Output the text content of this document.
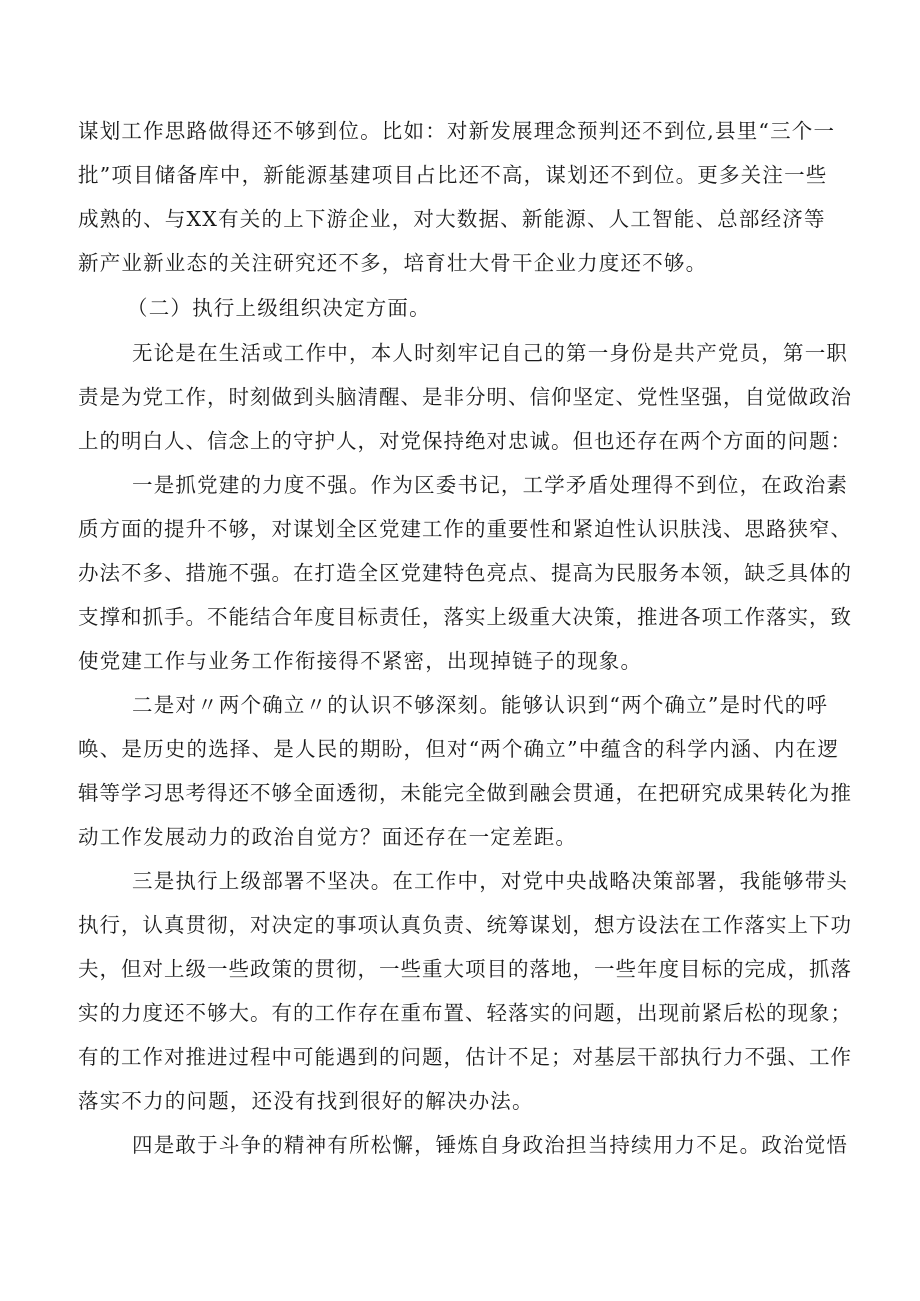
谋划工作思路做得还不够到位。比如：对新发展理念预判还不到位,县里“三个一
批”项目储备库中，新能源基建项目占比还不高，谋划还不到位。更多关注一些
成熟的、与XX有关的上下游企业，对大数据、新能源、人工智能、总部经济等
新产业新业态的关注研究还不多，培育壮大骨干企业力度还不够。
（二）执行上级组织决定方面。
无论是在生活或工作中，本人时刻牢记自己的第一身份是共产党员，第一职
责是为党工作，时刻做到头脑清醒、是非分明、信仰坚定、党性坚强，自觉做政治
上的明白人、信念上的守护人，对党保持绝对忠诚。但也还存在两个方面的问题：
一是抓党建的力度不强。作为区委书记，工学矛盾处理得不到位，在政治素
质方面的提升不够，对谋划全区党建工作的重要性和紧迫性认识肤浅、思路狭窄、
办法不多、措施不强。在打造全区党建特色亮点、提高为民服务本领，缺乏具体的
支撑和抓手。不能结合年度目标责任，落实上级重大决策，推进各项工作落实，致
使党建工作与业务工作衔接得不紧密，出现掉链子的现象。
二是对〃两个确立〃的认识不够深刻。能够认识到“两个确立”是时代的呼
唤、是历史的选择、是人民的期盼，但对“两个确立”中蕴含的科学内涵、内在逻
辑等学习思考得还不够全面透彻，未能完全做到融会贯通，在把研究成果转化为推
动工作发展动力的政治自觉方？面还存在一定差距。
三是执行上级部署不坚决。在工作中，对党中央战略决策部署，我能够带头
执行，认真贯彻，对决定的事项认真负责、统筹谋划，想方设法在工作落实上下功
夫，但对上级一些政策的贯彻，一些重大项目的落地，一些年度目标的完成，抓落
实的力度还不够大。有的工作存在重布置、轻落实的问题，出现前紧后松的现象；
有的工作对推进过程中可能遇到的问题，估计不足；对基层干部执行力不强、工作
落实不力的问题，还没有找到很好的解决办法。
四是敢于斗争的精神有所松懈，锤炼自身政治担当持续用力不足。政治觉悟
